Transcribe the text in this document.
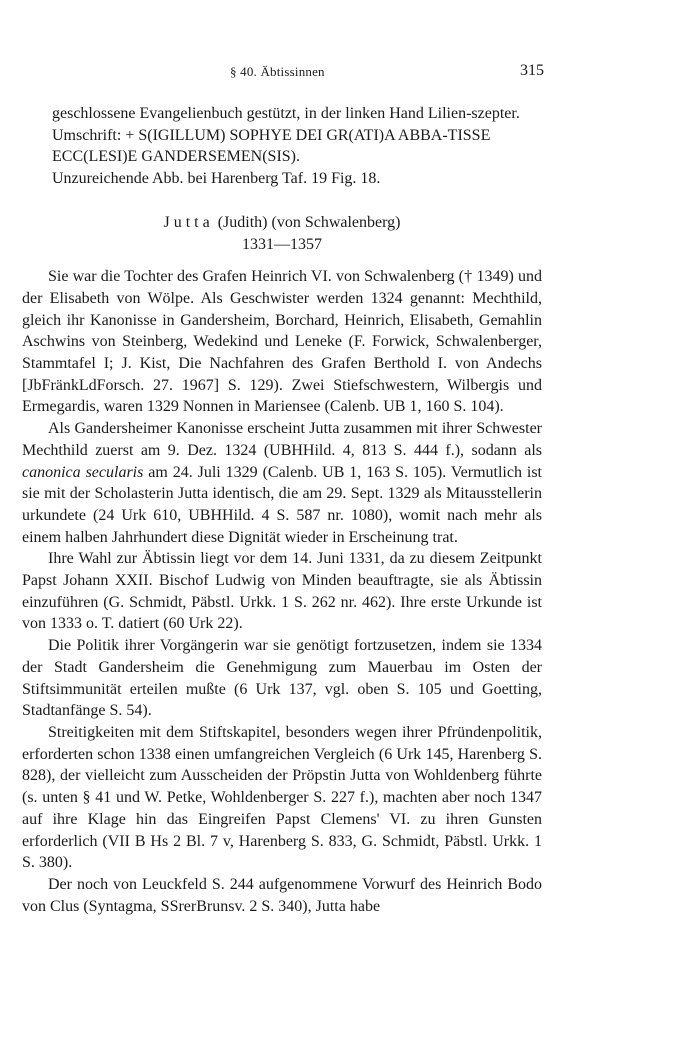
§ 40. Äbtissinnen	315

geschlossene Evangelienbuch gestützt, in der linken Hand Lilien-szepter.

Umschrift: + S(IGILLUM) SOPHYE DEI GR(ATI)A ABBA-TISSE ECC(LESI)E GANDERSEMEN(SIS).

Unzureichende Abb. bei Harenberg Taf. 19 Fig. 18.

Jutta (Judith) (von Schwalenberg)
1331—1357

Sie war die Tochter des Grafen Heinrich VI. von Schwalenberg († 1349) und der Elisabeth von Wölpe. Als Geschwister werden 1324 genannt: Mechthild, gleich ihr Kanonisse in Gandersheim, Borchard, Heinrich, Elisabeth, Gemahlin Aschwins von Steinberg, Wedekind und Leneke (F. Forwick, Schwalenberger, Stammtafel I; J. Kist, Die Nachfahren des Grafen Berthold I. von Andechs [JbFränkLdForsch. 27. 1967] S. 129). Zwei Stiefschwestern, Wilbergis und Ermegardis, waren 1329 Nonnen in Mariensee (Calenb. UB 1, 160 S. 104).

Als Gandersheimer Kanonisse erscheint Jutta zusammen mit ihrer Schwester Mechthild zuerst am 9. Dez. 1324 (UBHHild. 4, 813 S. 444 f.), sodann als canonica secularis am 24. Juli 1329 (Calenb. UB 1, 163 S. 105). Vermutlich ist sie mit der Scholasterin Jutta identisch, die am 29. Sept. 1329 als Mitausstellerin urkundete (24 Urk 610, UBHHild. 4 S. 587 nr. 1080), womit nach mehr als einem halben Jahrhundert diese Dignität wieder in Erscheinung trat.

Ihre Wahl zur Äbtissin liegt vor dem 14. Juni 1331, da zu diesem Zeitpunkt Papst Johann XXII. Bischof Ludwig von Minden beauftragte, sie als Äbtissin einzuführen (G. Schmidt, Päbstl. Urkk. 1 S. 262 nr. 462). Ihre erste Urkunde ist von 1333 o. T. datiert (60 Urk 22).

Die Politik ihrer Vorgängerin war sie genötigt fortzusetzen, indem sie 1334 der Stadt Gandersheim die Genehmigung zum Mauerbau im Osten der Stiftsimmunität erteilen mußte (6 Urk 137, vgl. oben S. 105 und Goetting, Stadtanfänge S. 54).

Streitigkeiten mit dem Stiftskapitel, besonders wegen ihrer Pfründenpolitik, erforderten schon 1338 einen umfangreichen Vergleich (6 Urk 145, Harenberg S. 828), der vielleicht zum Ausscheiden der Pröpstin Jutta von Wohldenberg führte (s. unten § 41 und W. Petke, Wohldenberger S. 227 f.), machten aber noch 1347 auf ihre Klage hin das Eingreifen Papst Clemens' VI. zu ihren Gunsten erforderlich (VII B Hs 2 Bl. 7 v, Harenberg S. 833, G. Schmidt, Päbstl. Urkk. 1 S. 380).

Der noch von Leuckfeld S. 244 aufgenommene Vorwurf des Heinrich Bodo von Clus (Syntagma, SSrerBrunsv. 2 S. 340), Jutta habe
